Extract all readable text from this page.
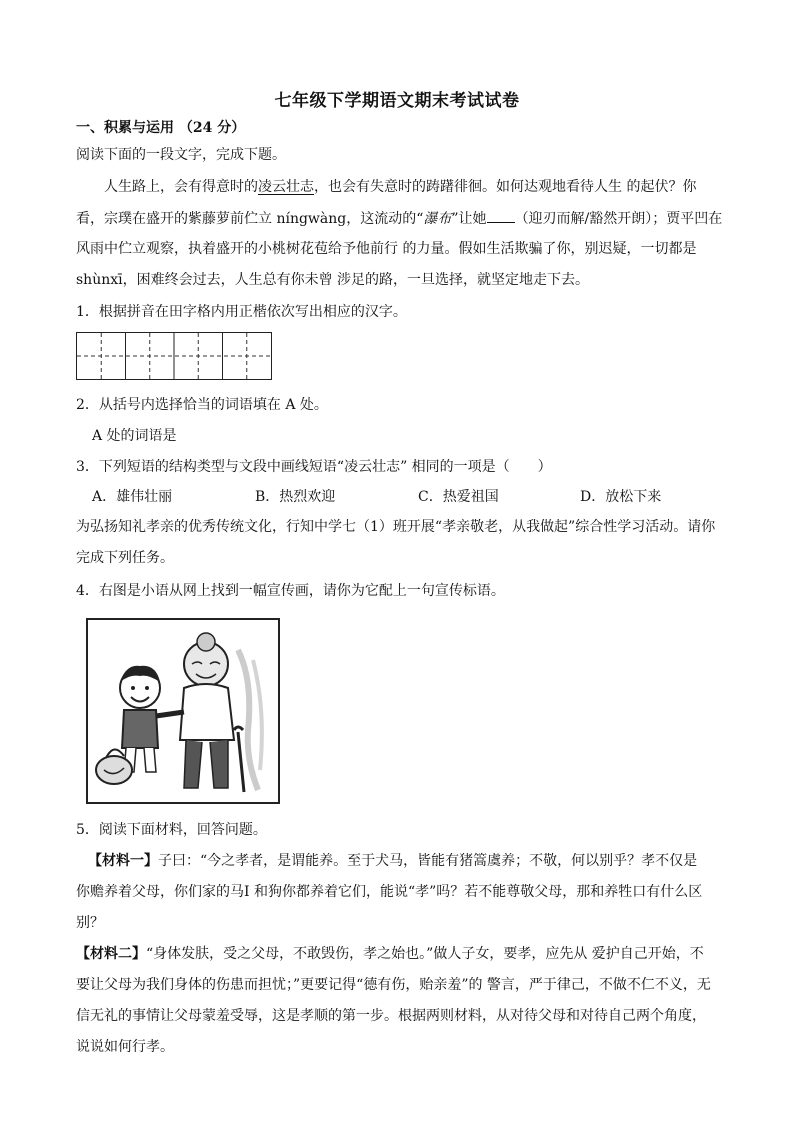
七年级下学期语文期末考试试卷
一、积累与运用 （24 分）
阅读下面的一段文字，完成下题。
人生路上，会有得意时的凌云壮志，也会有失意时的踌躇徘徊。如何达观地看待人生 的起伏？你
看，宗璞在盛开的紫藤萝前伫立 níngwàng，这流动的“瀑布”让她 （迎刃而解/豁然开朗）；贾平凹在
风雨中伫立观察，执着盛开的小桃树花苞给予他前行 的力量。假如生活欺骗了你，别迟疑，一切都是
shùnxī，困难终会过去，人生总有你未曾 涉足的路，一旦选择，就坚定地走下去。
1．根据拼音在田字格内用正楷依次写出相应的汉字。
2．从括号内选择恰当的词语填在 A 处。
A 处的词语是
3．下列短语的结构类型与文段中画线短语“凌云壮志” 相同的一项是（　　）
A．雄伟壮丽	B．热烈欢迎	C．热爱祖国	D．放松下来
为弘扬知礼孝亲的优秀传统文化，行知中学七（1）班开展“孝亲敬老，从我做起”综合性学习活动。请你
完成下列任务。
4．右图是小语从网上找到一幅宣传画，请你为它配上一句宣传标语。
5．阅读下面材料，回答问题。
【材料一】子曰：“今之孝者，是谓能养。至于犬马，皆能有猪篙虞养；不敬，何以别乎？孝不仅是
你赡养着父母，你们家的马I 和狗你都养着它们，能说“孝”吗？若不能尊敬父母，那和养牲口有什么区
别？
【材料二】“身体发肤，受之父母，不敢毁伤，孝之始也。”做人子女，要孝，应先从 爱护自己开始，不
要让父母为我们身体的伤患而担忧；”更要记得“德有伤，贻亲羞”的 警言，严于律己，不做不仁不义，无
信无礼的事情让父母蒙羞受辱，这是孝顺的第一步。根据两则材料，从对待父母和对待自己两个角度，
说说如何行孝。
